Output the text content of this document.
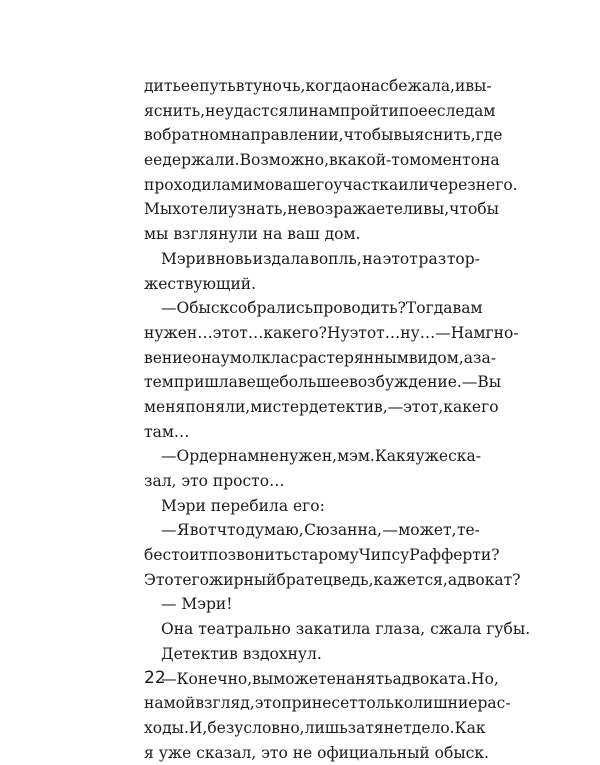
дить ее путь в ту ночь, когда она сбежала, и вы-
яснить, не удастся ли нам пройти по ее следам
в обратном направлении, чтобы выяснить, где
ее держали. Возможно, в какой-то момент она
проходила мимо вашего участка или через него.
Мы хотели узнать, не возражаете ли вы, чтобы
мы взглянули на ваш дом.
Мэри вновь издала вопль, на этот раз тор-
жествующий.
— Обыск собрались проводить? Тогда вам
нужен… этот… как его? Ну этот… ну… — На мгно-
вение она умолкла с растерянным видом, а за-
тем пришла в еще большее возбуждение. — Вы
меня поняли, мистер детектив, — этот, как его
там…
— Ордер нам не нужен, мэм. Как я уже ска-
зал, это просто…
Мэри перебила его:
— Я вот что думаю, Сюзанна, — может, те-
бе стоит позвонить старому Чипсу Рафферти?
Этот его жирный братец ведь, кажется, адвокат?
— Мэри!
Она театрально закатила глаза, сжала губы.
Детектив вздохнул.
— Конечно, вы можете нанять адвоката. Но,
на мой взгляд, это принесет только лишние рас-
ходы. И, безусловно, лишь затянет дело. Как
я уже сказал, это не официальный обыск.
22
